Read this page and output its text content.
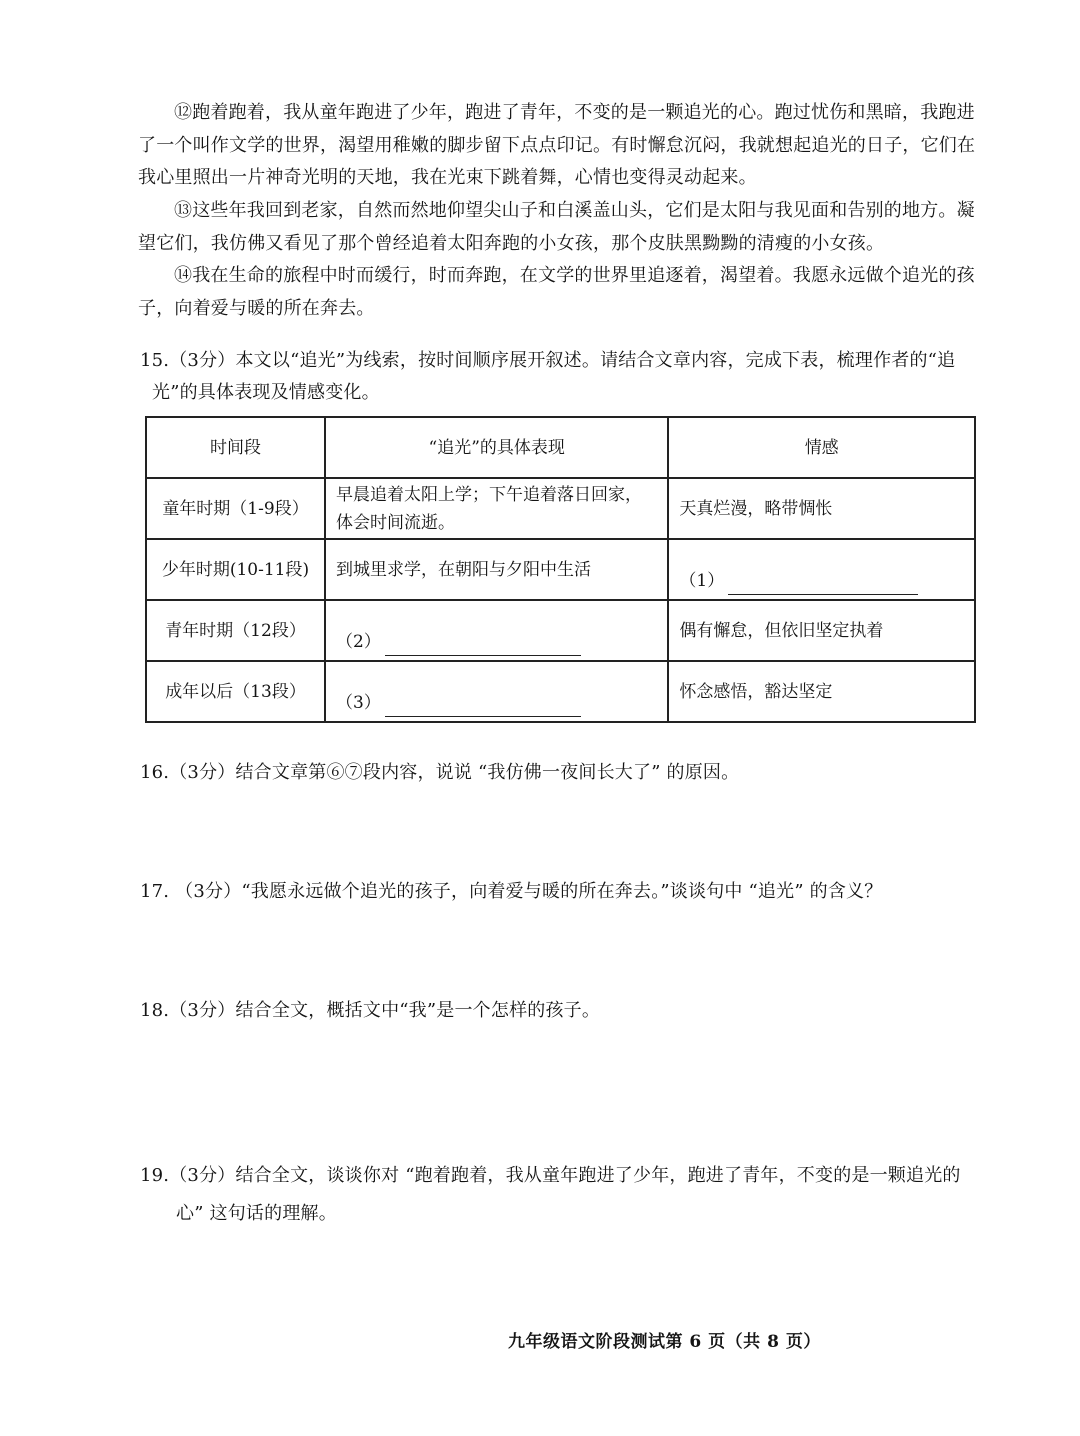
⑫跑着跑着，我从童年跑进了少年，跑进了青年，不变的是一颗追光的心。跑过忧伤和黑暗，我跑进了一个叫作文学的世界，渴望用稚嫩的脚步留下点点印记。有时懈怠沉闷，我就想起追光的日子，它们在我心里照出一片神奇光明的天地，我在光束下跳着舞，心情也变得灵动起来。

⑬这些年我回到老家，自然而然地仰望尖山子和白溪盖山头，它们是太阳与我见面和告别的地方。凝望它们，我仿佛又看见了那个曾经追着太阳奔跑的小女孩，那个皮肤黑黝黝的清瘦的小女孩。

⑭我在生命的旅程中时而缓行，时而奔跑，在文学的世界里追逐着，渴望着。我愿永远做个追光的孩子，向着爱与暖的所在奔去。

15.（3分）本文以“追光”为线索，按时间顺序展开叙述。请结合文章内容，完成下表，梳理作者的“追
光”的具体表现及情感变化。
时间段	“追光”的具体表现	情感
童年时期（1-9段）	早晨追着太阳上学；下午追着落日回家，体会时间流逝。	天真烂漫，略带惆怅
少年时期(10-11段)	到城里求学，在朝阳与夕阳中生活	（1）

青年时期（12段）	（2）	偶有懈怠，但依旧坚定执着
成年以后（13段）	（3）	怀念感悟，豁达坚定

16.（3分）结合文章第⑥⑦段内容，说说 “我仿佛一夜间长大了” 的原因。

17. （3分）“我愿永远做个追光的孩子，向着爱与暖的所在奔去。”谈谈句中 “追光” 的含义？

18.（3分）结合全文，概括文中“我”是一个怎样的孩子。

19.（3分）结合全文，谈谈你对 “跑着跑着，我从童年跑进了少年，跑进了青年，不变的是一颗追光的
心” 这句话的理解。
九年级语文阶段测试第 6 页（共 8 页）
